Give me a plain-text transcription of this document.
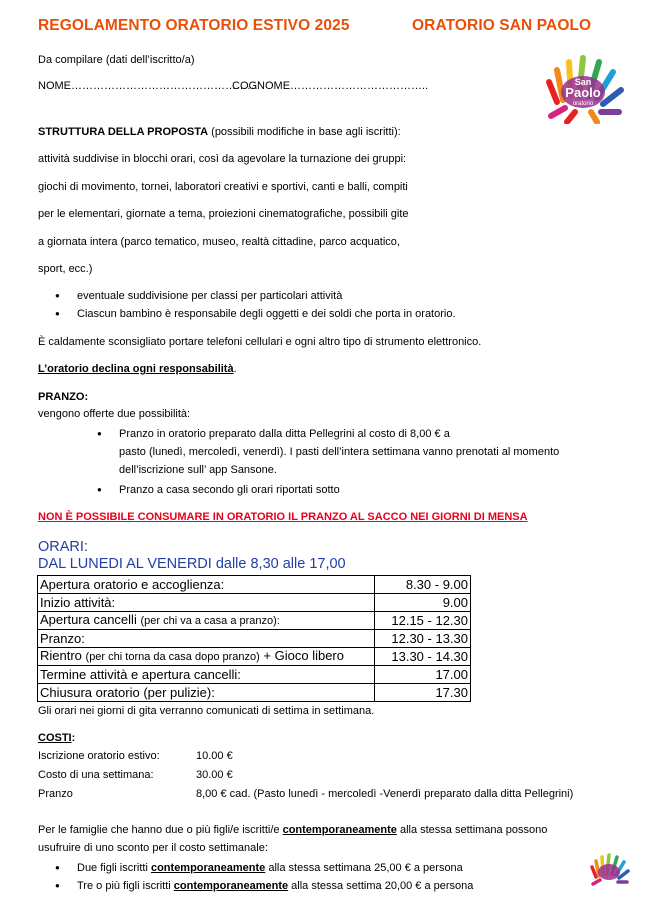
REGOLAMENTO ORATORIO ESTIVO 2025	ORATORIO SAN PAOLO
San
Paolo
oratorio
Da compilare (dati dell’iscritto/a)
NOME……………………………………………
COGNOME………………………………..
STRUTTURA DELLA PROPOSTA (possibili modifiche in base agli iscritti):
attività suddivise in blocchi orari, così da agevolare la turnazione dei gruppi:
giochi di movimento, tornei, laboratori creativi e sportivi, canti e balli, compiti
per le elementari, giornate a tema, proiezioni cinematografiche, possibili gite
a giornata intera (parco tematico, museo, realtà cittadine, parco acquatico,
sport, ecc.)
● eventuale suddivisione per classi per particolari attività
● Ciascun bambino è responsabile degli oggetti e dei soldi che porta in oratorio.
È caldamente sconsigliato portare telefoni cellulari e ogni altro tipo di strumento elettronico.
L’oratorio declina ogni responsabilità.
PRANZO:
vengono offerte due possibilità:
● Pranzo in oratorio preparato dalla ditta Pellegrini al costo di 8,00 € a
pasto (lunedì, mercoledì, venerdì). I pasti dell’intera settimana vanno prenotati al momento
dell’iscrizione sull’ app Sansone.
● Pranzo a casa secondo gli orari riportati sotto
NON È POSSIBILE CONSUMARE IN ORATORIO IL PRANZO AL SACCO NEI GIORNI DI MENSA
ORARI:
DAL LUNEDI AL VENERDI dalle 8,30 alle 17,00
Apertura oratorio e accoglienza:	8.30 - 9.00
Inizio attività:	9.00
Apertura cancelli (per chi va a casa a pranzo):	12.15 - 12.30
Pranzo:	12.30 - 13.30
Rientro (per chi torna da casa dopo pranzo) + Gioco libero	13.30 - 14.30
Termine attività e apertura cancelli:	17.00
Chiusura oratorio (per pulizie):	17.30
Gli orari nei giorni di gita verranno comunicati di settima in settimana.
COSTI:
Iscrizione oratorio estivo:	10.00 €
Costo di una settimana:	30.00 €
Pranzo	8,00 € cad. (Pasto lunedì - mercoledì -Venerdì preparato dalla ditta Pellegrini)
Per le famiglie che hanno due o più figli/e iscritti/e contemporaneamente alla stessa settimana possono
usufruire di uno sconto per il costo settimanale:
● Due figli iscritti contemporaneamente alla stessa settimana 25,00 € a persona
● Tre o più figli iscritti contemporaneamente alla stessa settima 20,00 € a persona
